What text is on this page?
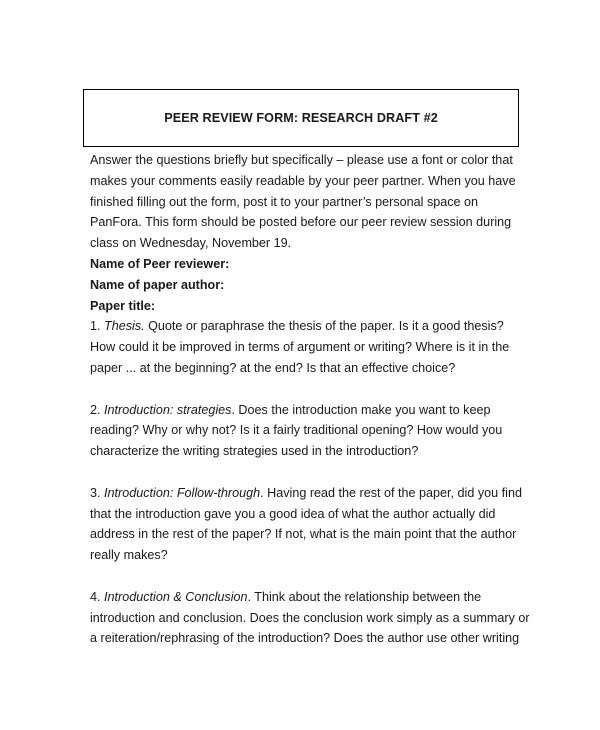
PEER REVIEW FORM: RESEARCH DRAFT #2

Answer the questions briefly but specifically – please use a font or color that makes your comments easily readable by your peer partner. When you have finished filling out the form, post it to your partner’s personal space on PanFora. This form should be posted before our peer review session during class on Wednesday, November 19.

Name of Peer reviewer:

Name of paper author:

Paper title:

1. Thesis. Quote or paraphrase the thesis of the paper. Is it a good thesis? How could it be improved in terms of argument or writing? Where is it in the paper ... at the beginning? at the end? Is that an effective choice?

2. Introduction: strategies. Does the introduction make you want to keep reading? Why or why not? Is it a fairly traditional opening? How would you characterize the writing strategies used in the introduction?

3. Introduction: Follow-through. Having read the rest of the paper, did you find that the introduction gave you a good idea of what the author actually did address in the rest of the paper? If not, what is the main point that the author really makes?

4. Introduction & Conclusion. Think about the relationship between the introduction and conclusion. Does the conclusion work simply as a summary or a reiteration/rephrasing of the introduction? Does the author use other writing
